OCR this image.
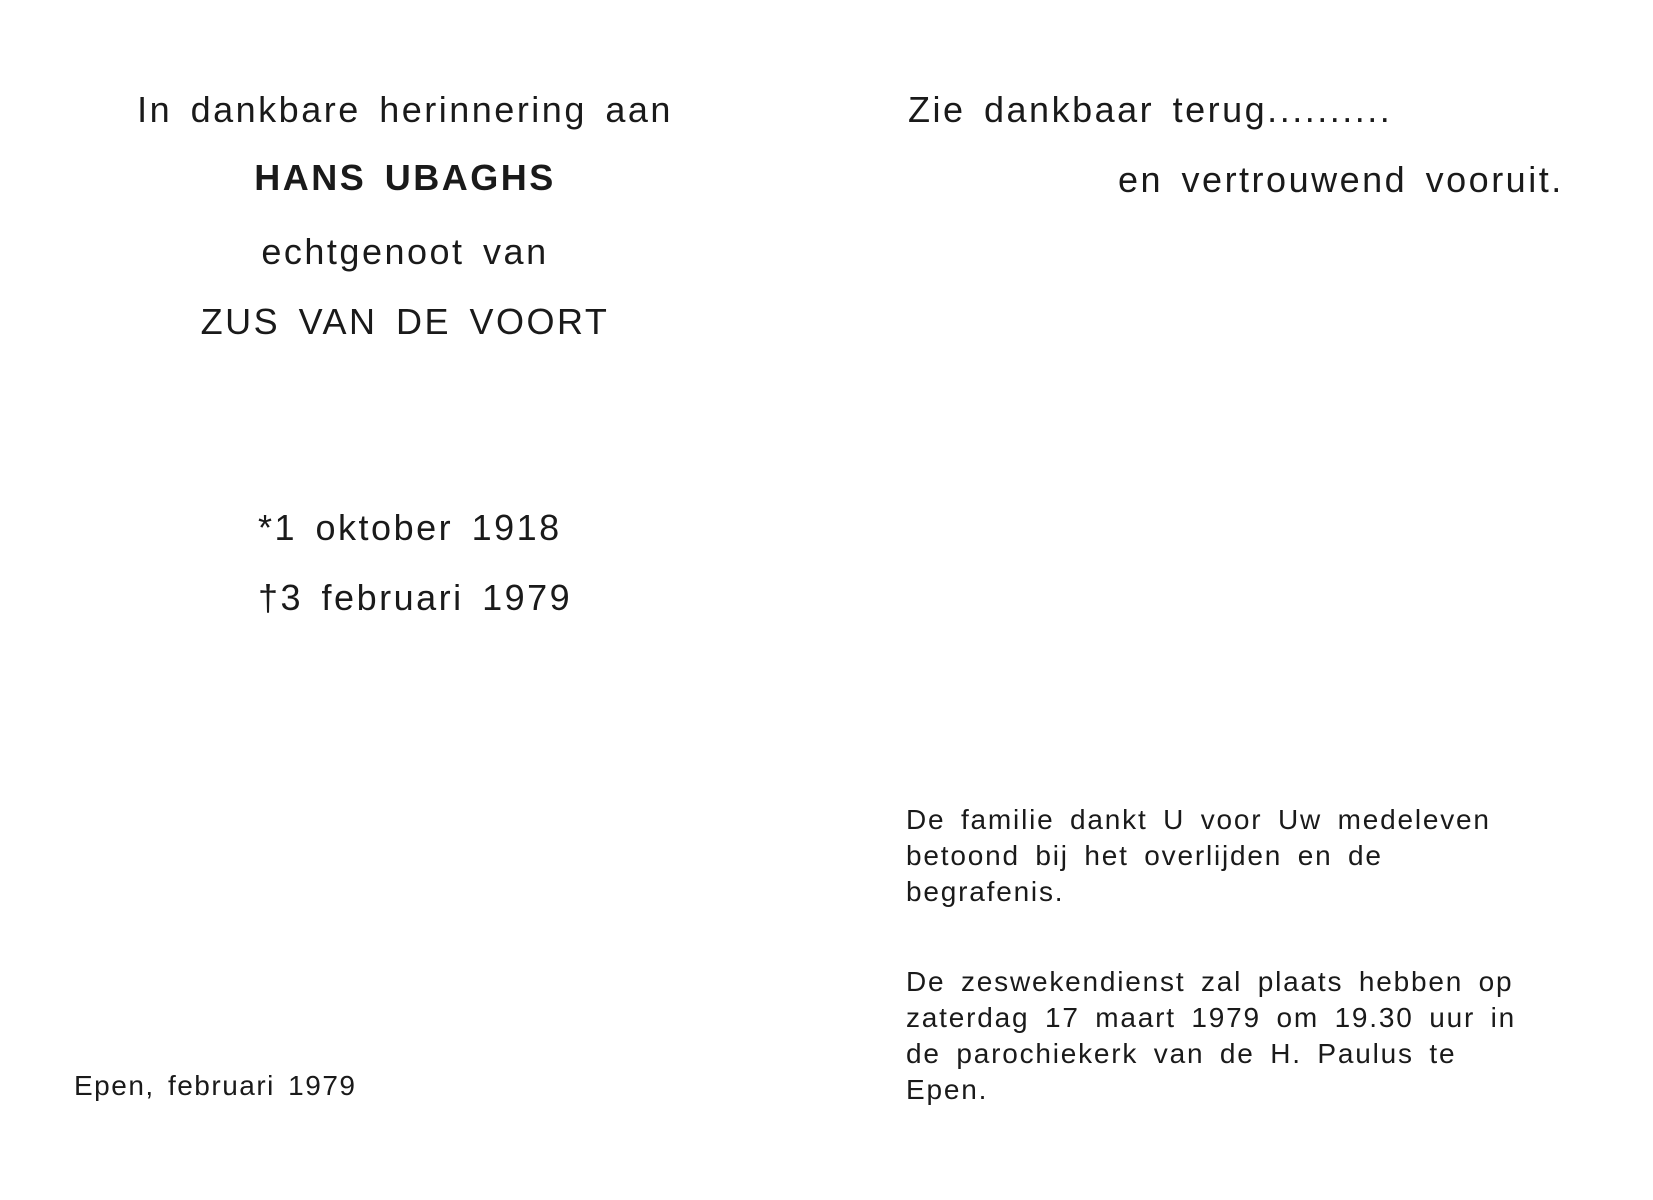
In dankbare herinnering aan
HANS UBAGHS
echtgenoot van
ZUS VAN DE VOORT
*1 oktober 1918
†3 februari 1979
Epen, februari 1979
Zie dankbaar terug..........
en vertrouwend vooruit.
De familie dankt U voor Uw medeleven betoond bij het overlijden en de begrafenis.
De zeswekendienst zal plaats hebben op zaterdag 17 maart 1979 om 19.30 uur in de parochiekerk van de H. Paulus te Epen.
